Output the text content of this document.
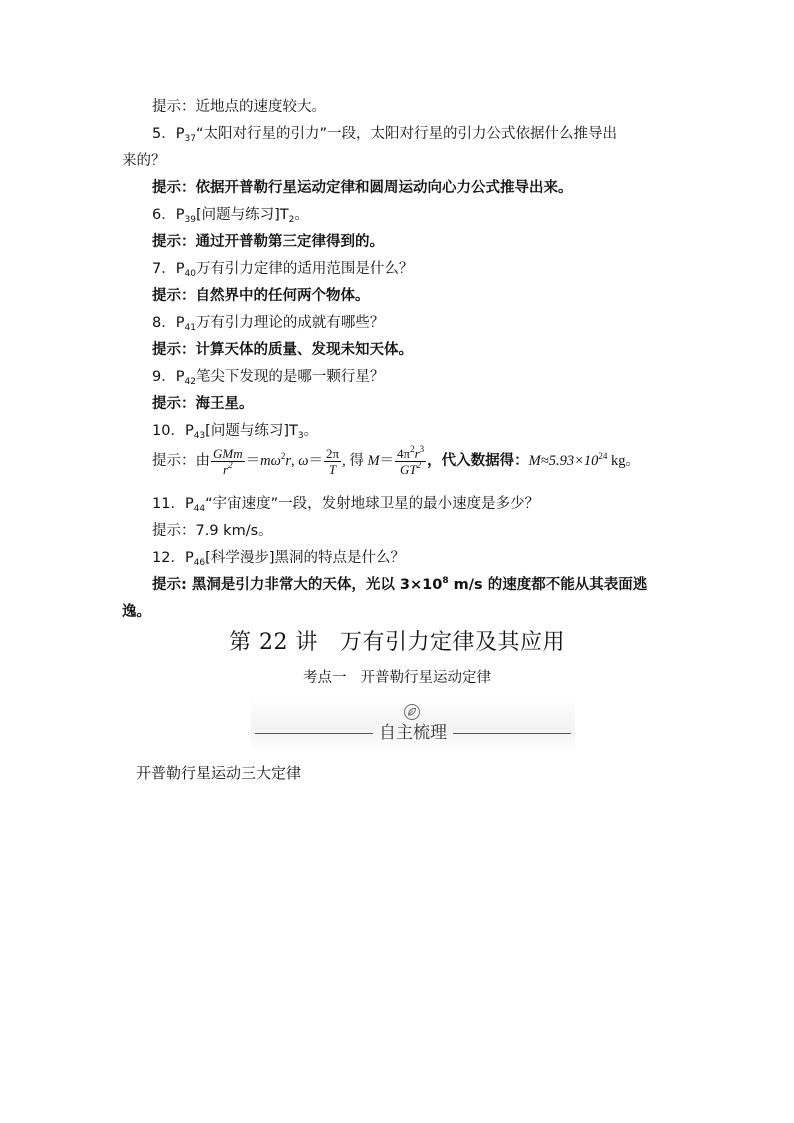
提示：近地点的速度较大。
5．$P_{37}“$太阳对行星的引力”一段，太阳对行星的引力公式依据什么推导出
来的？
提示：依据开普勒行星运动定律和圆周运动向心力公式推导出来。
6．$P_{39}$[问题与练习]$T_2$。
提示：通过开普勒第三定律得到的。
7．$P_{40}$万有引力定律的适用范围是什么？
提示：自然界中的任何两个物体。
8．$P_{41}$万有引力理论的成就有哪些？
提示：计算天体的质量、发现未知天体。
9．$P_{42}$笔尖下发现的是哪一颗行星？
提示：海王星。
10．$P_{43}$[问题与练习]$T_3$。
提示：由 $\frac{\text{GMm}}{r^2} =m\omega^2r$, $\omega= \frac{2\pi}{T}$ , 得 $M= \frac{4\pi^2r^3}{GT^2}$ ，代入数据得：$M\approx 5.93\times 10^{24}$ kg。
11．$P_{44}“$宇宙速度”一段，发射地球卫星的最小速度是多少？
提示：7.9 km/s。
12．$P_{46}$[科学漫步]黑洞的特点是什么？
提示: 黑洞是引力非常大的天体，光以 $3\times 10^8$ m/s 的速度都不能从其表面逃
逸。
第 22 讲 万有引力定律及其应用
考点一 开普勒行星运动定律
自主梳理
开普勒行星运动三大定律
